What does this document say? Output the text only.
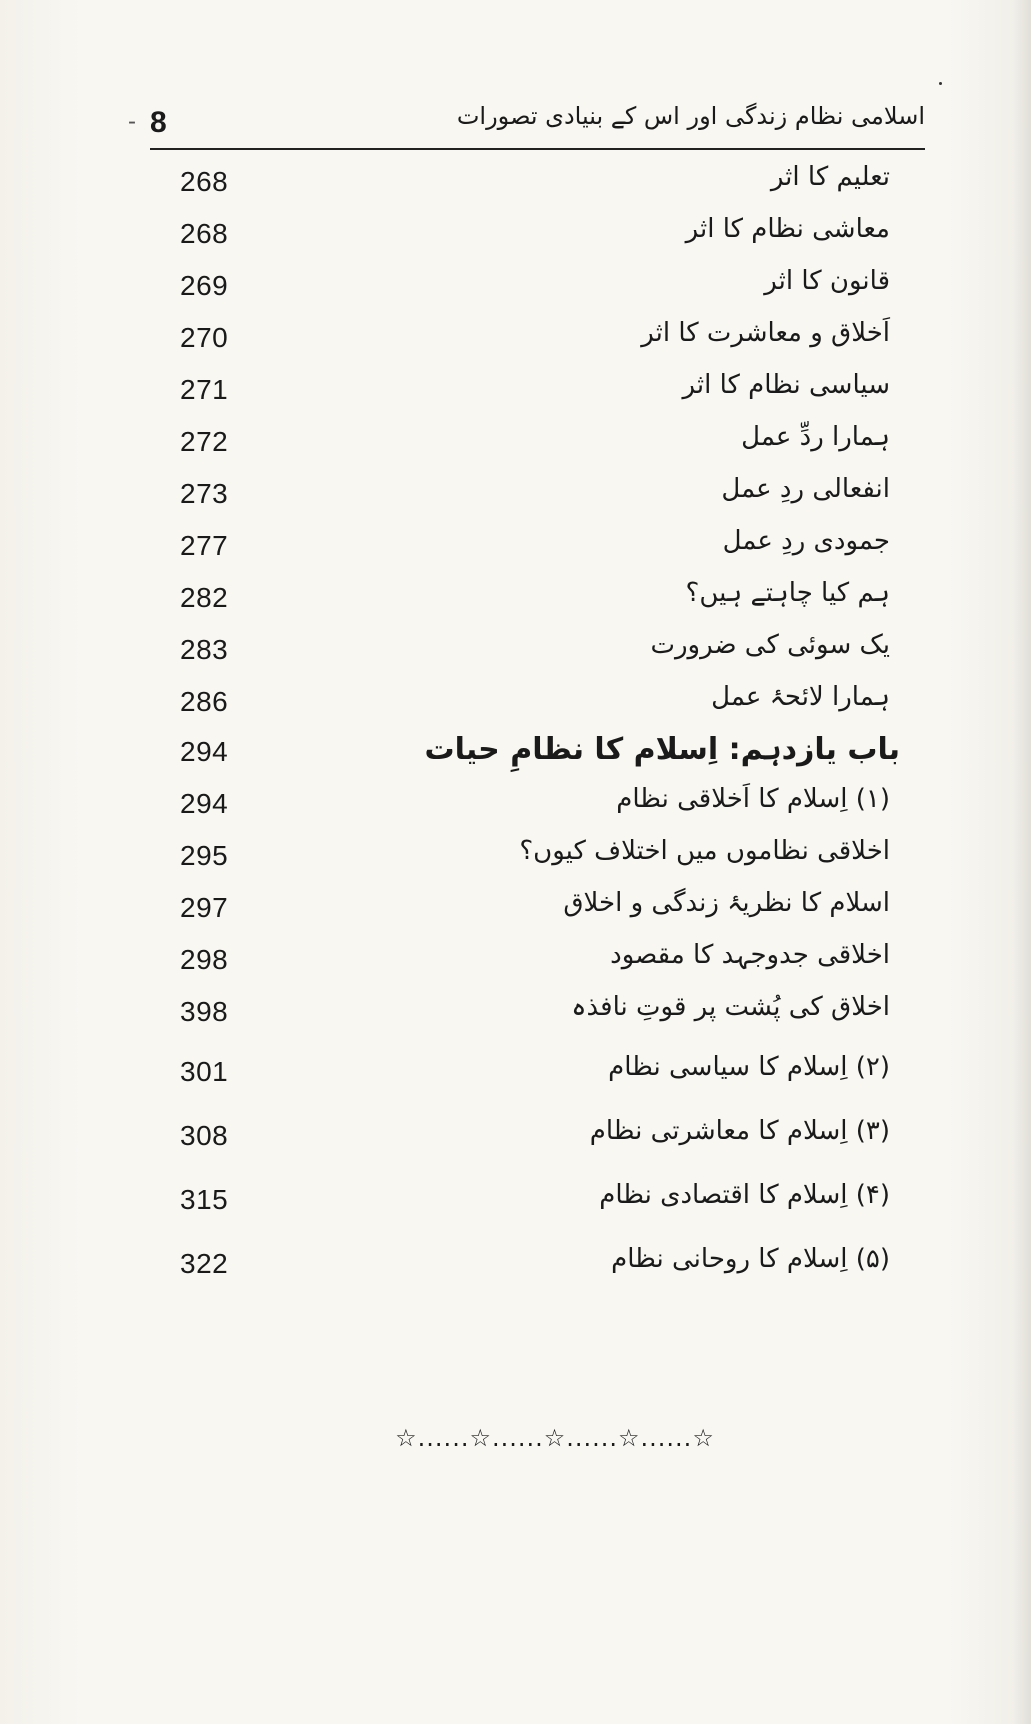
- 8	اسلامی نظام زندگی اور اس کے بنیادی تصورات
268	تعلیم کا اثر
268	معاشی نظام کا اثر
269	قانون کا اثر
270	اَخلاق و معاشرت کا اثر
271	سیاسی نظام کا اثر
272	ہمارا ردِّ عمل
273	انفعالی ردِ عمل
277	جمودی ردِ عمل
282	ہم کیا چاہتے ہیں؟
283	یک سوئی کی ضرورت
286	ہمارا لائحۂ عمل
294	باب یازدہم: اِسلام کا نظامِ حیات
294	(۱) اِسلام کا اَخلاقی نظام
295	اخلاقی نظاموں میں اختلاف کیوں؟
297	اسلام کا نظریۂ زندگی و اخلاق
298	اخلاقی جدوجہد کا مقصود
398	اخلاق کی پُشت پر قوتِ نافذہ
301	(۲) اِسلام کا سیاسی نظام
308	(۳) اِسلام کا معاشرتی نظام
315	(۴) اِسلام کا اقتصادی نظام
322	(۵) اِسلام کا روحانی نظام
☆......☆......☆......☆......☆
